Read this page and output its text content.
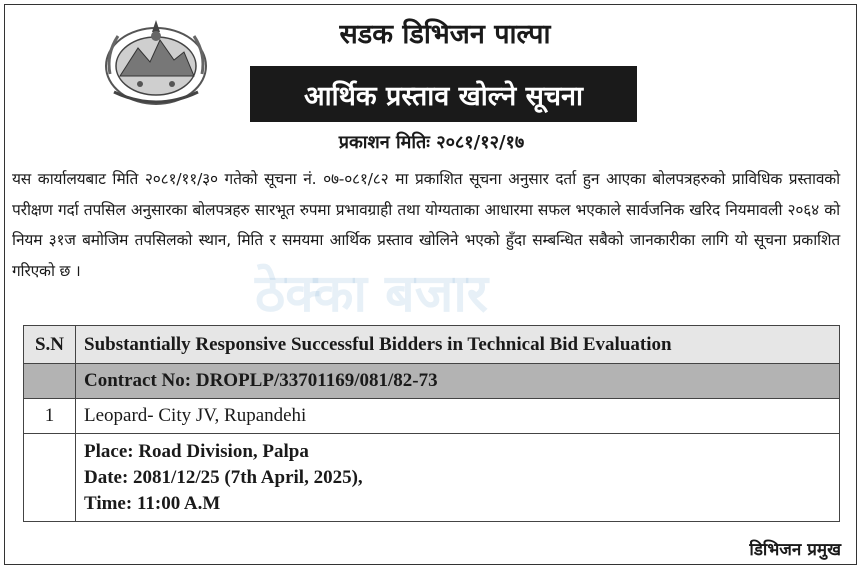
सडक डिभिजन पाल्पा
आर्थिक प्रस्ताव खोल्ने सूचना
प्रकाशन मितिः २०८१/१२/१७
यस कार्यालयबाट मिति २०८१/११/३० गतेको सूचना नं. ०७-०८१/८२ मा प्रकाशित सूचना अनुसार दर्ता हुन आएका बोलपत्रहरुको प्राविधिक प्रस्तावको परीक्षण गर्दा तपसिल अनुसारका बोलपत्रहरु सारभूत रुपमा प्रभावग्राही तथा योग्यताका आधारमा सफल भएकाले सार्वजनिक खरिद नियमावली २०६४ को नियम ३१ज बमोजिम तपसिलको स्थान, मिति र समयमा आर्थिक प्रस्ताव खोलिने भएको हुँदा सम्बन्धित सबैको जानकारीका लागि यो सूचना प्रकाशित गरिएको छ ।	ठेक्का बजार
S.N	Substantially Responsive Successful Bidders in Technical Bid Evaluation
	Contract No: DROPLP/33701169/081/82-73
1	Leopard- City JV, Rupandehi

	Place: Road Division, Palpa
Date: 2081/12/25 (7th April, 2025),
Time: 11:00 A.M
डिभिजन प्रमुख
